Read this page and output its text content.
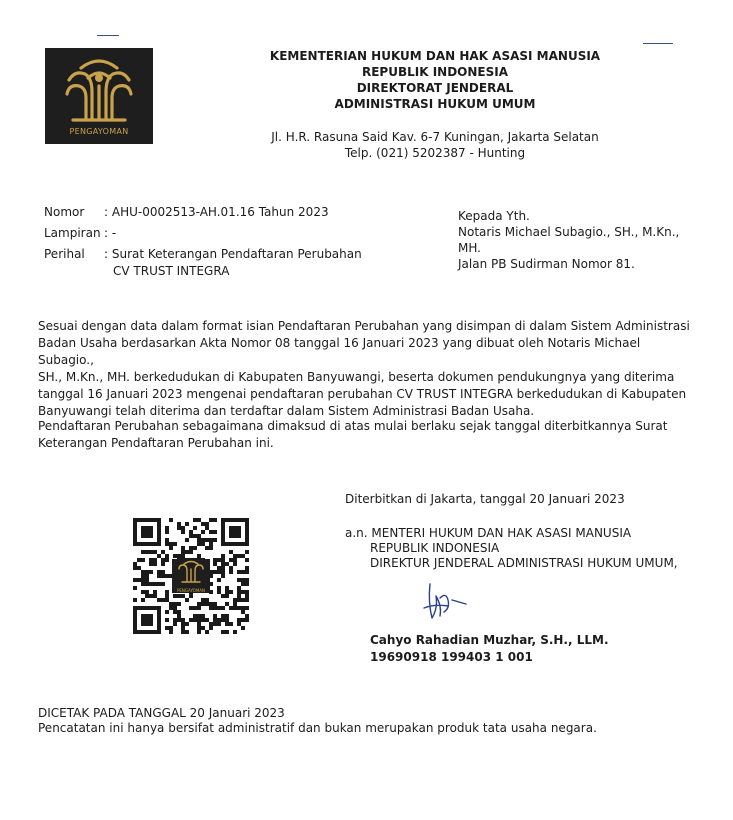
PENGAYOMAN
KEMENTERIAN HUKUM DAN HAK ASASI MANUSIA
REPUBLIK INDONESIA
DIREKTORAT JENDERAL
ADMINISTRASI HUKUM UMUM
Jl. H.R. Rasuna Said Kav. 6-7 Kuningan, Jakarta Selatan
Telp. (021) 5202387 - Hunting
Nomor	: AHU-0002513-AH.01.16 Tahun 2023
Lampiran : -
Perihal	: Surat Keterangan Pendaftaran Perubahan
CV TRUST INTEGRA
Kepada Yth.
Notaris Michael Subagio., SH., M.Kn.,
MH.
Jalan PB Sudirman Nomor 81.
Sesuai dengan data dalam format isian Pendaftaran Perubahan yang disimpan di dalam Sistem Administrasi
Badan Usaha berdasarkan Akta Nomor 08 tanggal 16 Januari 2023 yang dibuat oleh Notaris Michael Subagio.,
SH., M.Kn., MH. berkedudukan di Kabupaten Banyuwangi, beserta dokumen pendukungnya yang diterima
tanggal 16 Januari 2023 mengenai pendaftaran perubahan CV TRUST INTEGRA berkedudukan di Kabupaten
Banyuwangi telah diterima dan terdaftar dalam Sistem Administrasi Badan Usaha.
Pendaftaran Perubahan sebagaimana dimaksud di atas mulai berlaku sejak tanggal diterbitkannya Surat
Keterangan Pendaftaran Perubahan ini.
Diterbitkan di Jakarta, tanggal 20 Januari 2023
a.n. MENTERI HUKUM DAN HAK ASASI MANUSIA
REPUBLIK INDONESIA
DIREKTUR JENDERAL ADMINISTRASI HUKUM UMUM,
Cahyo Rahadian Muzhar, S.H., LLM.
19690918 199403 1 001
PENGAYOMAN
DICETAK PADA TANGGAL 20 Januari 2023
Pencatatan ini hanya bersifat administratif dan bukan merupakan produk tata usaha negara.
